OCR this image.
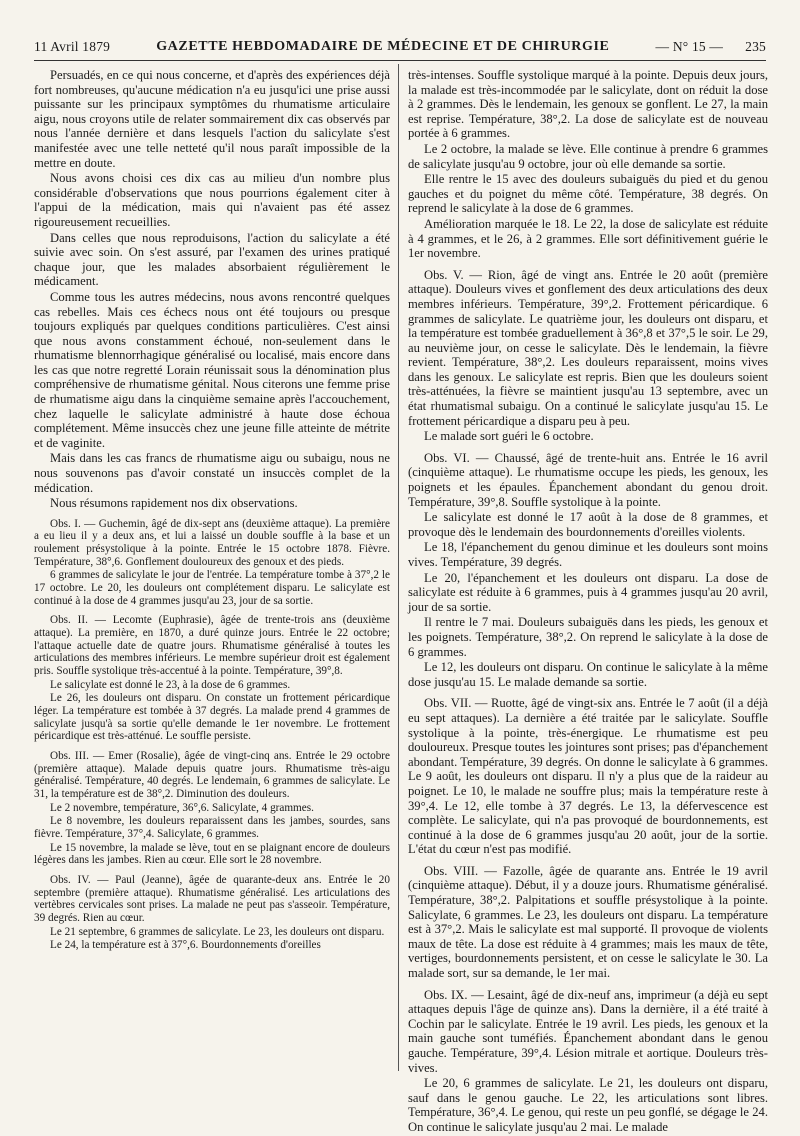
11 Avril 1879	GAZETTE HEBDOMADAIRE DE MÉDECINE ET DE CHIRURGIE	— N° 15 — 235

Persuadés, en ce qui nous concerne, et d'après des expériences déjà fort nombreuses, qu'aucune médication n'a eu jusqu'ici une prise aussi puissante sur les principaux symptômes du rhumatisme articulaire aigu, nous croyons utile de relater sommairement dix cas observés par nous l'année dernière et dans lesquels l'action du salicylate s'est manifestée avec une telle netteté qu'il nous paraît impossible de la mettre en doute.

Nous avons choisi ces dix cas au milieu d'un nombre plus considérable d'observations que nous pourrions également citer à l'appui de la médication, mais qui n'avaient pas été assez rigoureusement recueillies.

Dans celles que nous reproduisons, l'action du salicylate a été suivie avec soin. On s'est assuré, par l'examen des urines pratiqué chaque jour, que les malades absorbaient régulièrement le médicament.

Comme tous les autres médecins, nous avons rencontré quelques cas rebelles. Mais ces échecs nous ont été toujours ou presque toujours expliqués par quelques conditions particulières. C'est ainsi que nous avons constamment échoué, non-seulement dans le rhumatisme blennorrhagique généralisé ou localisé, mais encore dans les cas que notre regretté Lorain réunissait sous la dénomination plus compréhensive de rhumatisme génital. Nous citerons une femme prise de rhumatisme aigu dans la cinquième semaine après l'accouchement, chez laquelle le salicylate administré à haute dose échoua complétement. Même insuccès chez une jeune fille atteinte de métrite et de vaginite.

Mais dans les cas francs de rhumatisme aigu ou subaigu, nous ne nous souvenons pas d'avoir constaté un insuccès complet de la médication.

Nous résumons rapidement nos dix observations.

Obs. I. — Guchemin, âgé de dix-sept ans (deuxième attaque). La première a eu lieu il y a deux ans, et lui a laissé un double souffle à la base et un roulement présystolique à la pointe. Entrée le 15 octobre 1878. Fièvre. Température, 38°,6. Gonflement douloureux des genoux et des pieds.

6 grammes de salicylate le jour de l'entrée. La température tombe à 37°,2 le 17 octobre. Le 20, les douleurs ont complétement disparu. Le salicylate est continué à la dose de 4 grammes jusqu'au 23, jour de sa sortie.

Obs. II. — Lecomte (Euphrasie), âgée de trente-trois ans (deuxième attaque). La première, en 1870, a duré quinze jours. Entrée le 22 octobre; l'attaque actuelle date de quatre jours. Rhumatisme généralisé à toutes les articulations des membres inférieurs. Le membre supérieur droit est également pris. Souffle systolique très-accentué à la pointe. Température, 39°,8.

Le salicylate est donné le 23, à la dose de 6 grammes.

Le 26, les douleurs ont disparu. On constate un frottement péricardique léger. La température est tombée à 37 degrés. La malade prend 4 grammes de salicylate jusqu'à sa sortie qu'elle demande le 1er novembre. Le frottement péricardique est très-atténué. Le souffle persiste.

Obs. III. — Emer (Rosalie), âgée de vingt-cinq ans. Entrée le 29 octobre (première attaque). Malade depuis quatre jours. Rhumatisme très-aigu généralisé. Température, 40 degrés. Le lendemain, 6 grammes de salicylate. Le 31, la température est de 38°,2. Diminution des douleurs.

Le 2 novembre, température, 36°,6. Salicylate, 4 grammes.

Le 8 novembre, les douleurs reparaissent dans les jambes, sourdes, sans fièvre. Température, 37°,4. Salicylate, 6 grammes.

Le 15 novembre, la malade se lève, tout en se plaignant encore de douleurs légères dans les jambes. Rien au cœur. Elle sort le 28 novembre.

Obs. IV. — Paul (Jeanne), âgée de quarante-deux ans. Entrée le 20 septembre (première attaque). Rhumatisme généralisé. Les articulations des vertèbres cervicales sont prises. La malade ne peut pas s'asseoir. Température, 39 degrés. Rien au cœur.

Le 21 septembre, 6 grammes de salicylate. Le 23, les douleurs ont disparu.

Le 24, la température est à 37°,6. Bourdonnements d'oreilles

très-intenses. Souffle systolique marqué à la pointe. Depuis deux jours, la malade est très-incommodée par le salicylate, dont on réduit la dose à 2 grammes. Dès le lendemain, les genoux se gonflent. Le 27, la main est reprise. Température, 38°,2. La dose de salicylate est de nouveau portée à 6 grammes.

Le 2 octobre, la malade se lève. Elle continue à prendre 6 grammes de salicylate jusqu'au 9 octobre, jour où elle demande sa sortie.

Elle rentre le 15 avec des douleurs subaiguës du pied et du genou gauches et du poignet du même côté. Température, 38 degrés. On reprend le salicylate à la dose de 6 grammes.

Amélioration marquée le 18. Le 22, la dose de salicylate est réduite à 4 grammes, et le 26, à 2 grammes. Elle sort définitivement guérie le 1er novembre.

Obs. V. — Rion, âgé de vingt ans. Entrée le 20 août (première attaque). Douleurs vives et gonflement des deux articulations des deux membres inférieurs. Température, 39°,2. Frottement péricardique. 6 grammes de salicylate. Le quatrième jour, les douleurs ont disparu, et la température est tombée graduellement à 36°,8 et 37°,5 le soir. Le 29, au neuvième jour, on cesse le salicylate. Dès le lendemain, la fièvre revient. Température, 38°,2. Les douleurs reparaissent, moins vives dans les genoux. Le salicylate est repris. Bien que les douleurs soient très-atténuées, la fièvre se maintient jusqu'au 13 septembre, avec un état rhumatismal subaigu. On a continué le salicylate jusqu'au 15. Le frottement péricardique a disparu peu à peu.

Le malade sort guéri le 6 octobre.

Obs. VI. — Chaussé, âgé de trente-huit ans. Entrée le 16 avril (cinquième attaque). Le rhumatisme occupe les pieds, les genoux, les poignets et les épaules. Épanchement abondant du genou droit. Température, 39°,8. Souffle systolique à la pointe.

Le salicylate est donné le 17 août à la dose de 8 grammes, et provoque dès le lendemain des bourdonnements d'oreilles violents.

Le 18, l'épanchement du genou diminue et les douleurs sont moins vives. Température, 39 degrés.

Le 20, l'épanchement et les douleurs ont disparu. La dose de salicylate est réduite à 6 grammes, puis à 4 grammes jusqu'au 20 avril, jour de sa sortie.

Il rentre le 7 mai. Douleurs subaiguës dans les pieds, les genoux et les poignets. Température, 38°,2. On reprend le salicylate à la dose de 6 grammes.

Le 12, les douleurs ont disparu. On continue le salicylate à la même dose jusqu'au 15. Le malade demande sa sortie.

Obs. VII. — Ruotte, âgé de vingt-six ans. Entrée le 7 août (il a déjà eu sept attaques). La dernière a été traitée par le salicylate. Souffle systolique à la pointe, très-énergique. Le rhumatisme est peu douloureux. Presque toutes les jointures sont prises; pas d'épanchement abondant. Température, 39 degrés. On donne le salicylate à 6 grammes. Le 9 août, les douleurs ont disparu. Il n'y a plus que de la raideur au poignet. Le 10, le malade ne souffre plus; mais la température reste à 39°,4. Le 12, elle tombe à 37 degrés. Le 13, la défervescence est complète. Le salicylate, qui n'a pas provoqué de bourdonnements, est continué à la dose de 6 grammes jusqu'au 20 août, jour de la sortie. L'état du cœur n'est pas modifié.

Obs. VIII. — Fazolle, âgée de quarante ans. Entrée le 19 avril (cinquième attaque). Début, il y a douze jours. Rhumatisme généralisé. Température, 38°,2. Palpitations et souffle présystolique à la pointe. Salicylate, 6 grammes. Le 23, les douleurs ont disparu. La température est à 37°,2. Mais le salicylate est mal supporté. Il provoque de violents maux de tête. La dose est réduite à 4 grammes; mais les maux de tête, vertiges, bourdonnements persistent, et on cesse le salicylate le 30. La malade sort, sur sa demande, le 1er mai.

Obs. IX. — Lesaint, âgé de dix-neuf ans, imprimeur (a déjà eu sept attaques depuis l'âge de quinze ans). Dans la dernière, il a été traité à Cochin par le salicylate. Entrée le 19 avril. Les pieds, les genoux et la main gauche sont tuméfiés. Épanchement abondant dans le genou gauche. Température, 39°,4. Lésion mitrale et aortique. Douleurs très-vives.

Le 20, 6 grammes de salicylate. Le 21, les douleurs ont disparu, sauf dans le genou gauche. Le 22, les articulations sont libres. Température, 36°,4. Le genou, qui reste un peu gonflé, se dégage le 24. On continue le salicylate jusqu'au 2 mai. Le malade
